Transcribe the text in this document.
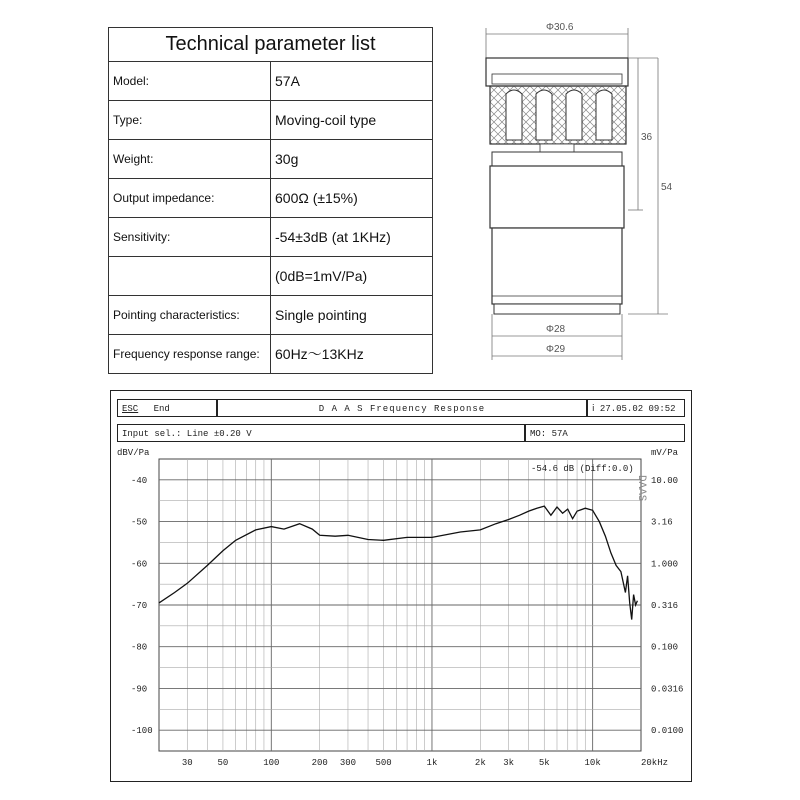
Technical parameter list	
Model:	57A
Type:	Moving-coil type
Weight:	30g
Output impedance:	600Ω (±15%)
Sensitivity:	-54±3dB (at 1KHz)
	(0dB=1mV/Pa)
Pointing characteristics:	Single pointing
Frequency response range:	60Hz～13KHz
Φ30.6
36
54
Φ28
Φ29
ESC End	D A A S Frequency Response	ⅰ 27.05.02 09:52
Input sel.: Line ±0.20 V	MO: 57A
dBV/Pa	mV/Pa
-40
-50
-60
-70
-80
-90
-100
10.00
3.16
1.000
0.316
0.100
0.0316
0.0100
30	50	100	200 300 500	1k	2k 3k	5k	10k	20kHz
-54.6 dB (Diff:0.0)
DAAS
